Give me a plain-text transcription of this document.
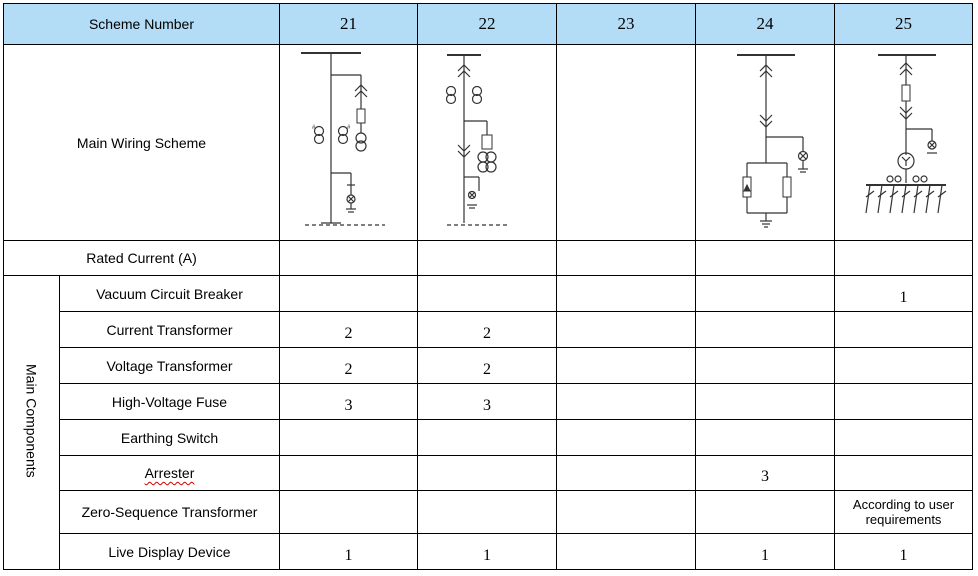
Scheme Number		21	22	23	24	25
Main Wiring Scheme		# #

Rated Current (A)						
Main Components	Vacuum Circuit Breaker					1
	Current Transformer	2	2			
	Voltage Transformer	2	2			
	High-Voltage Fuse	3	3			
	Earthing Switch					
	Arrester				3	
	Zero-Sequence Transformer					According to user requirements
	Live Display Device	1	1		1	1
